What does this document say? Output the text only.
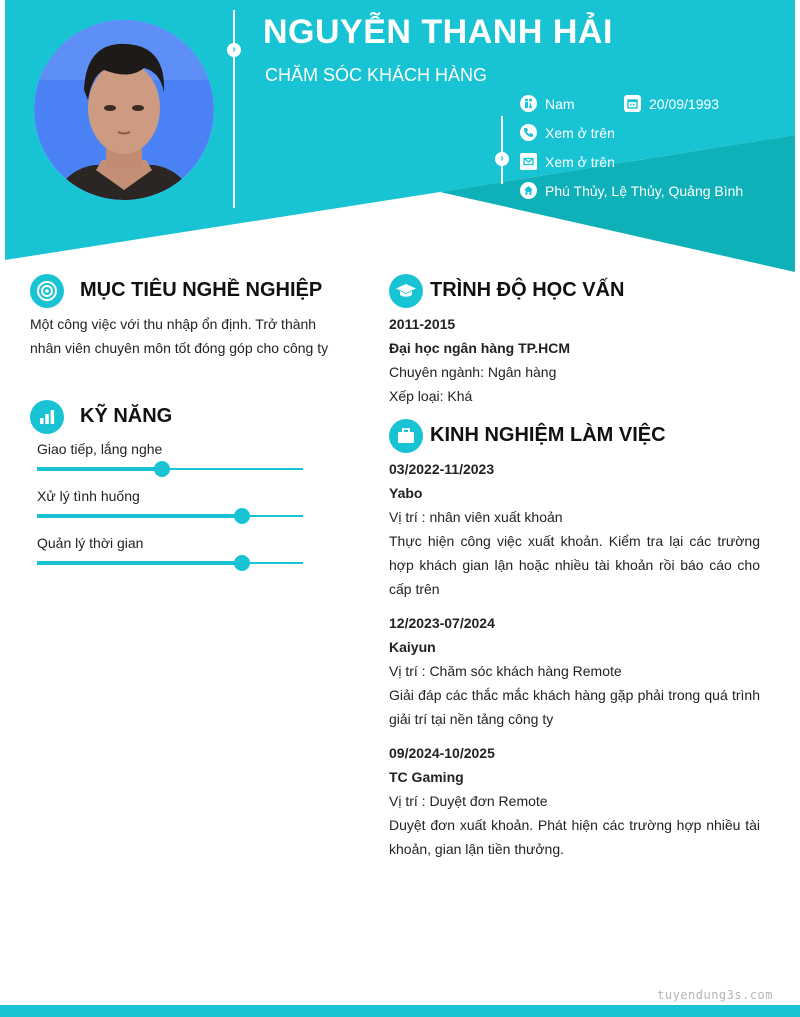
› NGUYỄN THANH HẢI
CHĂM SÓC KHÁCH HÀNG
›
Nam	20/09/1993
Xem ở trên
Xem ở trên
Phú Thủy, Lệ Thủy, Quảng Bình
MỤC TIÊU NGHỀ NGHIỆP
Một công việc với thu nhập ổn định. Trở thành nhân viên chuyên môn tốt đóng góp cho công ty
KỸ NĂNG
Giao tiếp, lắng nghe
Xử lý tình huống
Quản lý thời gian
TRÌNH ĐỘ HỌC VẤN
2011-2015
Đại học ngân hàng TP.HCM
Chuyên ngành: Ngân hàng
Xếp loại: Khá
KINH NGHIỆM LÀM VIỆC
03/2022-11/2023
Yabo
Vị trí : nhân viên xuất khoản
Thực hiện công việc xuất khoản. Kiểm tra lại các trường hợp khách gian lận hoặc nhiều tài khoản rồi báo cáo cho cấp trên
12/2023-07/2024
Kaiyun
Vị trí : Chăm sóc khách hàng Remote
Giải đáp các thắc mắc khách hàng gặp phải trong quá trình giải trí tại nền tảng công ty
09/2024-10/2025
TC Gaming
Vị trí : Duyệt đơn Remote
Duyệt đơn xuất khoản. Phát hiện các trường hợp nhiều tài khoản, gian lận tiền thưởng.
tuyendung3s.com
